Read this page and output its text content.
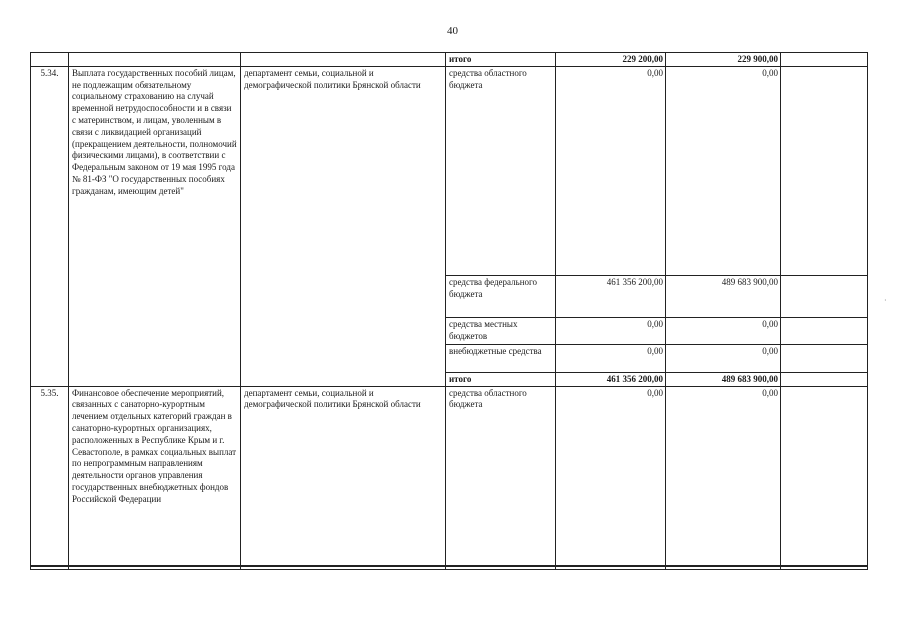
40
			итого	229 200,00	229 900,00	
5.34.	Выплата государственных пособий лицам, не подлежащим обязательному социальному страхованию на случай временной нетрудоспособности и в связи с материнством, и лицам, уволенным в связи с ликвидацией организаций (прекращением деятельности, полномочий физическими лицами), в соответствии с Федеральным законом от 19 мая 1995 года № 81-ФЗ "О государственных пособиях гражданам, имеющим детей"	департамент семьи, социальной и демографической политики Брянской области	средства областного бюджета	0,00	0,00	
			средства федерального бюджета	461 356 200,00	489 683 900,00	
			средства местных бюджетов	0,00	0,00	
			внебюджетные средства	0,00	0,00	
			итого	461 356 200,00	489 683 900,00	
5.35.	Финансовое обеспечение мероприятий, связанных с санаторно-курортным лечением отдельных категорий граждан в санаторно-курортных организациях, расположенных в Республике Крым и г. Севастополе, в рамках социальных выплат по непрограммным направлениям деятельности органов управления государственных внебюджетных фондов Российской Федерации	департамент семьи, социальной и демографической политики Брянской области	средства областного бюджета	0,00	0,00	
·
